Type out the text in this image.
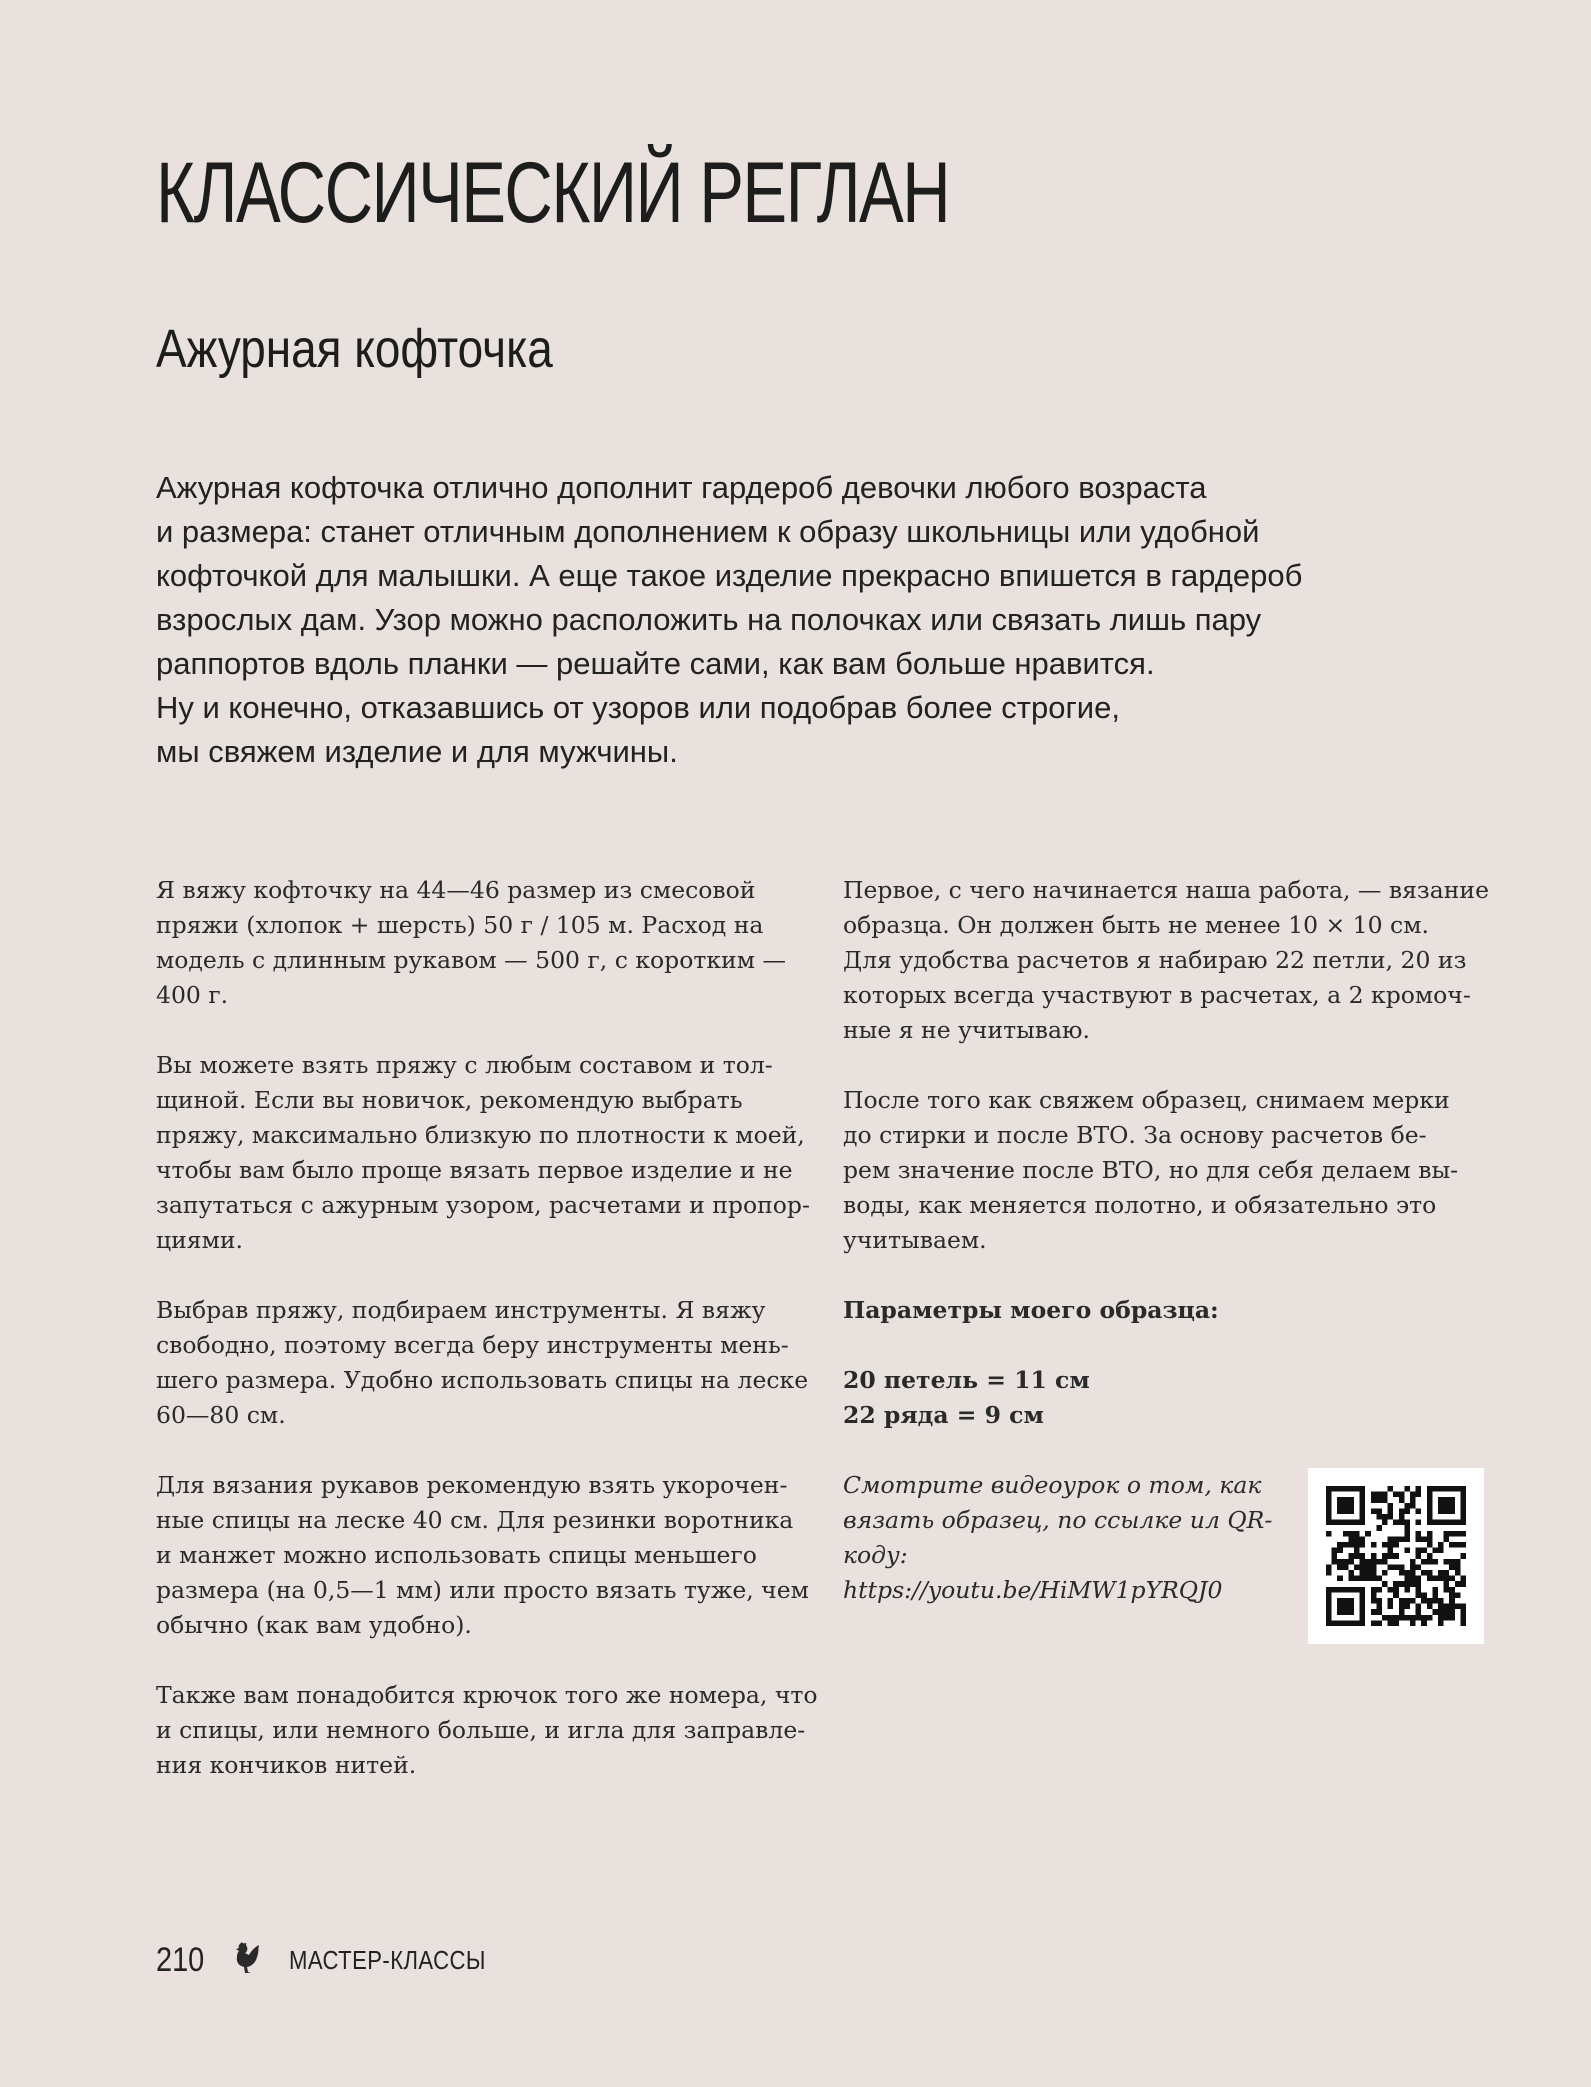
КЛАССИЧЕСКИЙ РЕГЛАН
Ажурная кофточка
Ажурная кофточка отлично дополнит гардероб девочки любого возраста
и размера: станет отличным дополнением к образу школьницы или удобной
кофточкой для малышки. А еще такое изделие прекрасно впишется в гардероб
взрослых дам. Узор можно расположить на полочках или связать лишь пару
раппортов вдоль планки — решайте сами, как вам больше нравится.
Ну и конечно, отказавшись от узоров или подобрав более строгие,
мы свяжем изделие и для мужчины.

Я вяжу кофточку на 44—46 размер из смесовой
пряжи (хлопок + шерсть) 50 г / 105 м. Расход на
модель с длинным рукавом — 500 г, с коротким —
400 г.

Вы можете взять пряжу с любым составом и тол-
щиной. Если вы новичок, рекомендую выбрать
пряжу, максимально близкую по плотности к моей,
чтобы вам было проще вязать первое изделие и не
запутаться с ажурным узором, расчетами и пропор-
циями.

Выбрав пряжу, подбираем инструменты. Я вяжу
свободно, поэтому всегда беру инструменты мень-
шего размера. Удобно использовать спицы на леске
60—80 см.

Для вязания рукавов рекомендую взять укорочен-
ные спицы на леске 40 см. Для резинки воротника
и манжет можно использовать спицы меньшего
размера (на 0,5—1 мм) или просто вязать туже, чем
обычно (как вам удобно).

Также вам понадобится крючок того же номера, что
и спицы, или немного больше, и игла для заправле-
ния кончиков нитей.

Первое, с чего начинается наша работа, — вязание
образца. Он должен быть не менее 10 × 10 см.
Для удобства расчетов я набираю 22 петли, 20 из
которых всегда участвуют в расчетах, а 2 кромоч-
ные я не учитываю.

После того как свяжем образец, снимаем мерки
до стирки и после ВТО. За основу расчетов бе-
рем значение после ВТО, но для себя делаем вы-
воды, как меняется полотно, и обязательно это
учитываем.

Параметры моего образца:

20 петель = 11 см
22 ряда = 9 см

Смотрите видеоурок о том, как
вязать образец, по ссылке ил QR-
коду:
https://youtu.be/HiMW1pYRQJ0
210	МАСТЕР-КЛАССЫ
